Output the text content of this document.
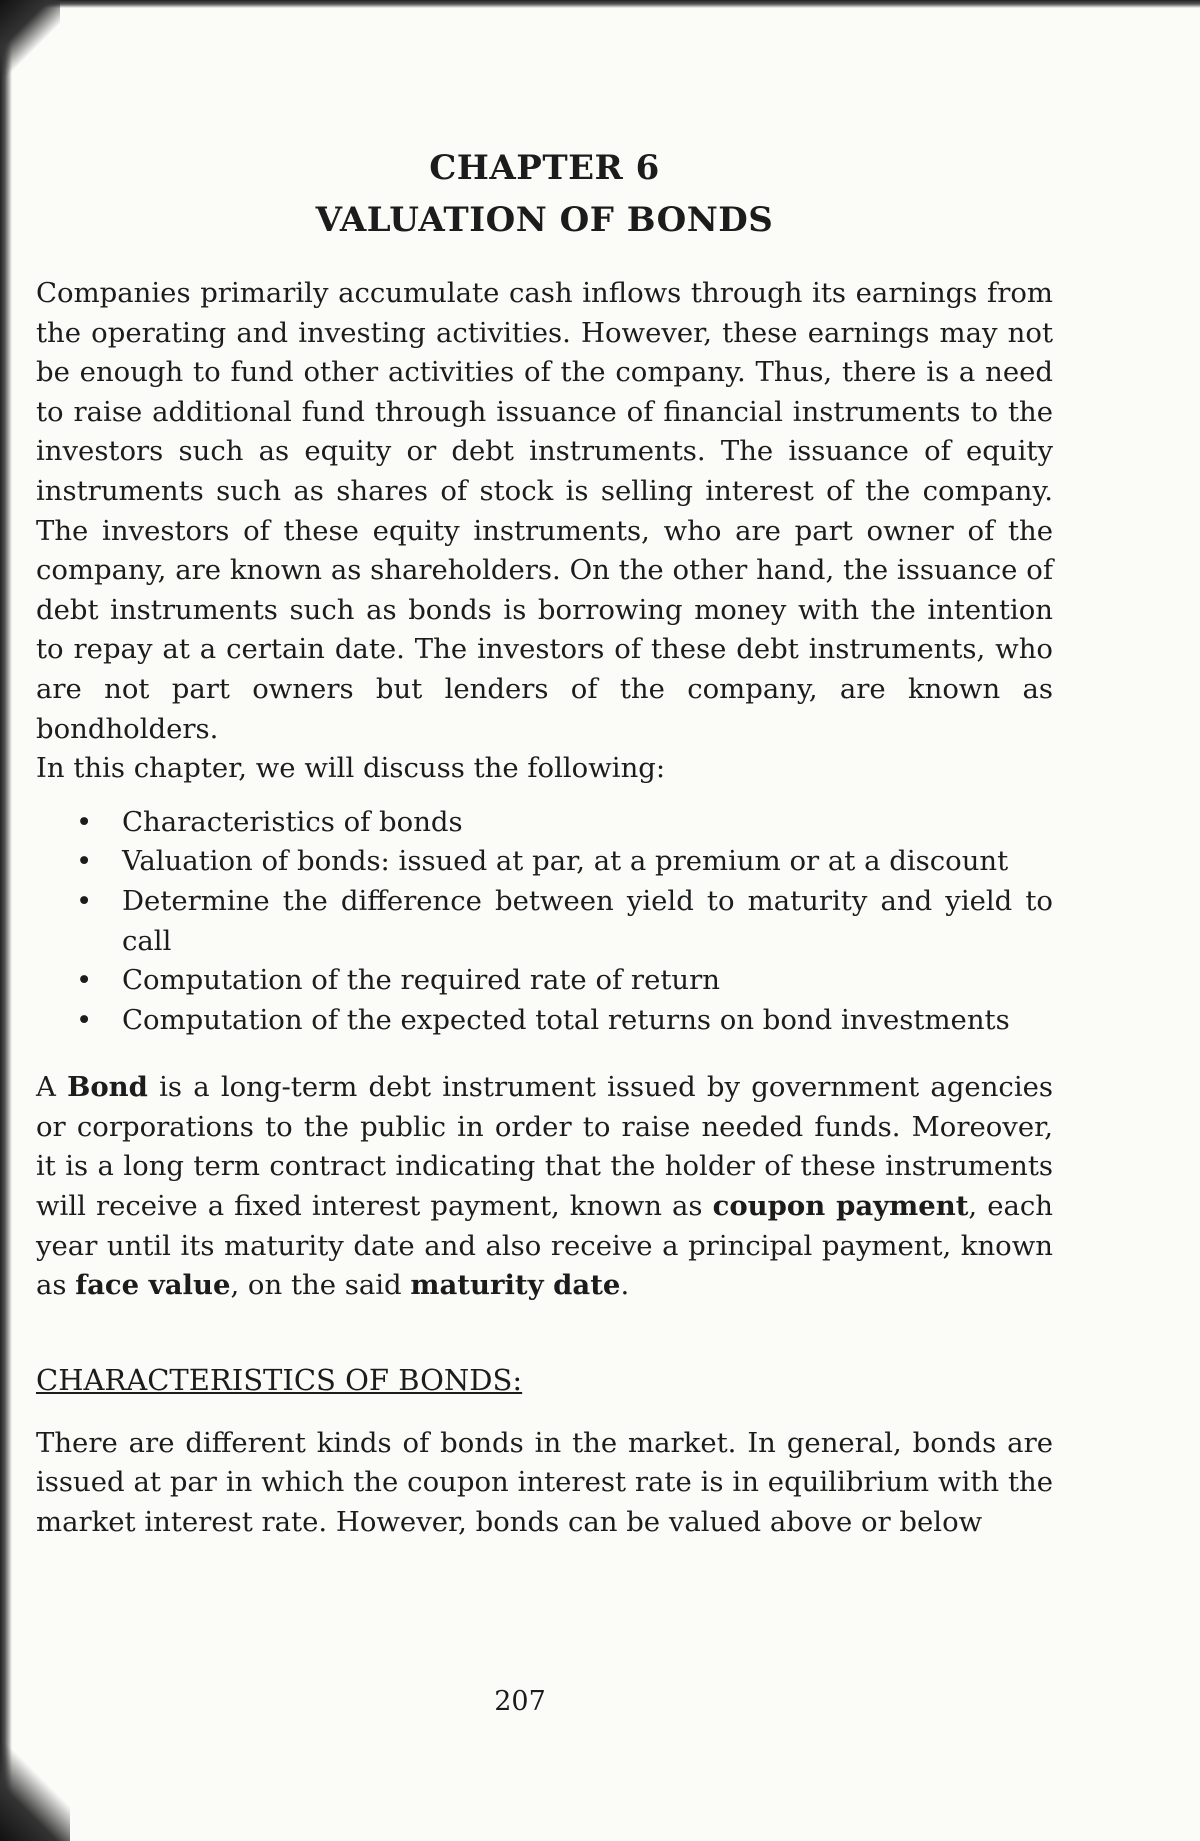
CHAPTER 6
VALUATION OF BONDS

Companies primarily accumulate cash inflows through its earnings from the operating and investing activities. However, these earnings may not be enough to fund other activities of the company. Thus, there is a need to raise additional fund through issuance of financial instruments to the investors such as equity or debt instruments. The issuance of equity instruments such as shares of stock is selling interest of the company. The investors of these equity instruments, who are part owner of the company, are known as shareholders. On the other hand, the issuance of debt instruments such as bonds is borrowing money with the intention to repay at a certain date. The investors of these debt instruments, who are not part owners but lenders of the company, are known as bondholders.

In this chapter, we will discuss the following:

• Characteristics of bonds
• Valuation of bonds: issued at par, at a premium or at a discount
• Determine the difference between yield to maturity and yield to call
• Computation of the required rate of return
• Computation of the expected total returns on bond investments

A Bond is a long-term debt instrument issued by government agencies or corporations to the public in order to raise needed funds. Moreover, it is a long term contract indicating that the holder of these instruments will receive a fixed interest payment, known as coupon payment, each year until its maturity date and also receive a principal payment, known as face value, on the said maturity date.

CHARACTERISTICS OF BONDS:

There are different kinds of bonds in the market. In general, bonds are issued at par in which the coupon interest rate is in equilibrium with the market interest rate. However, bonds can be valued above or below

207
